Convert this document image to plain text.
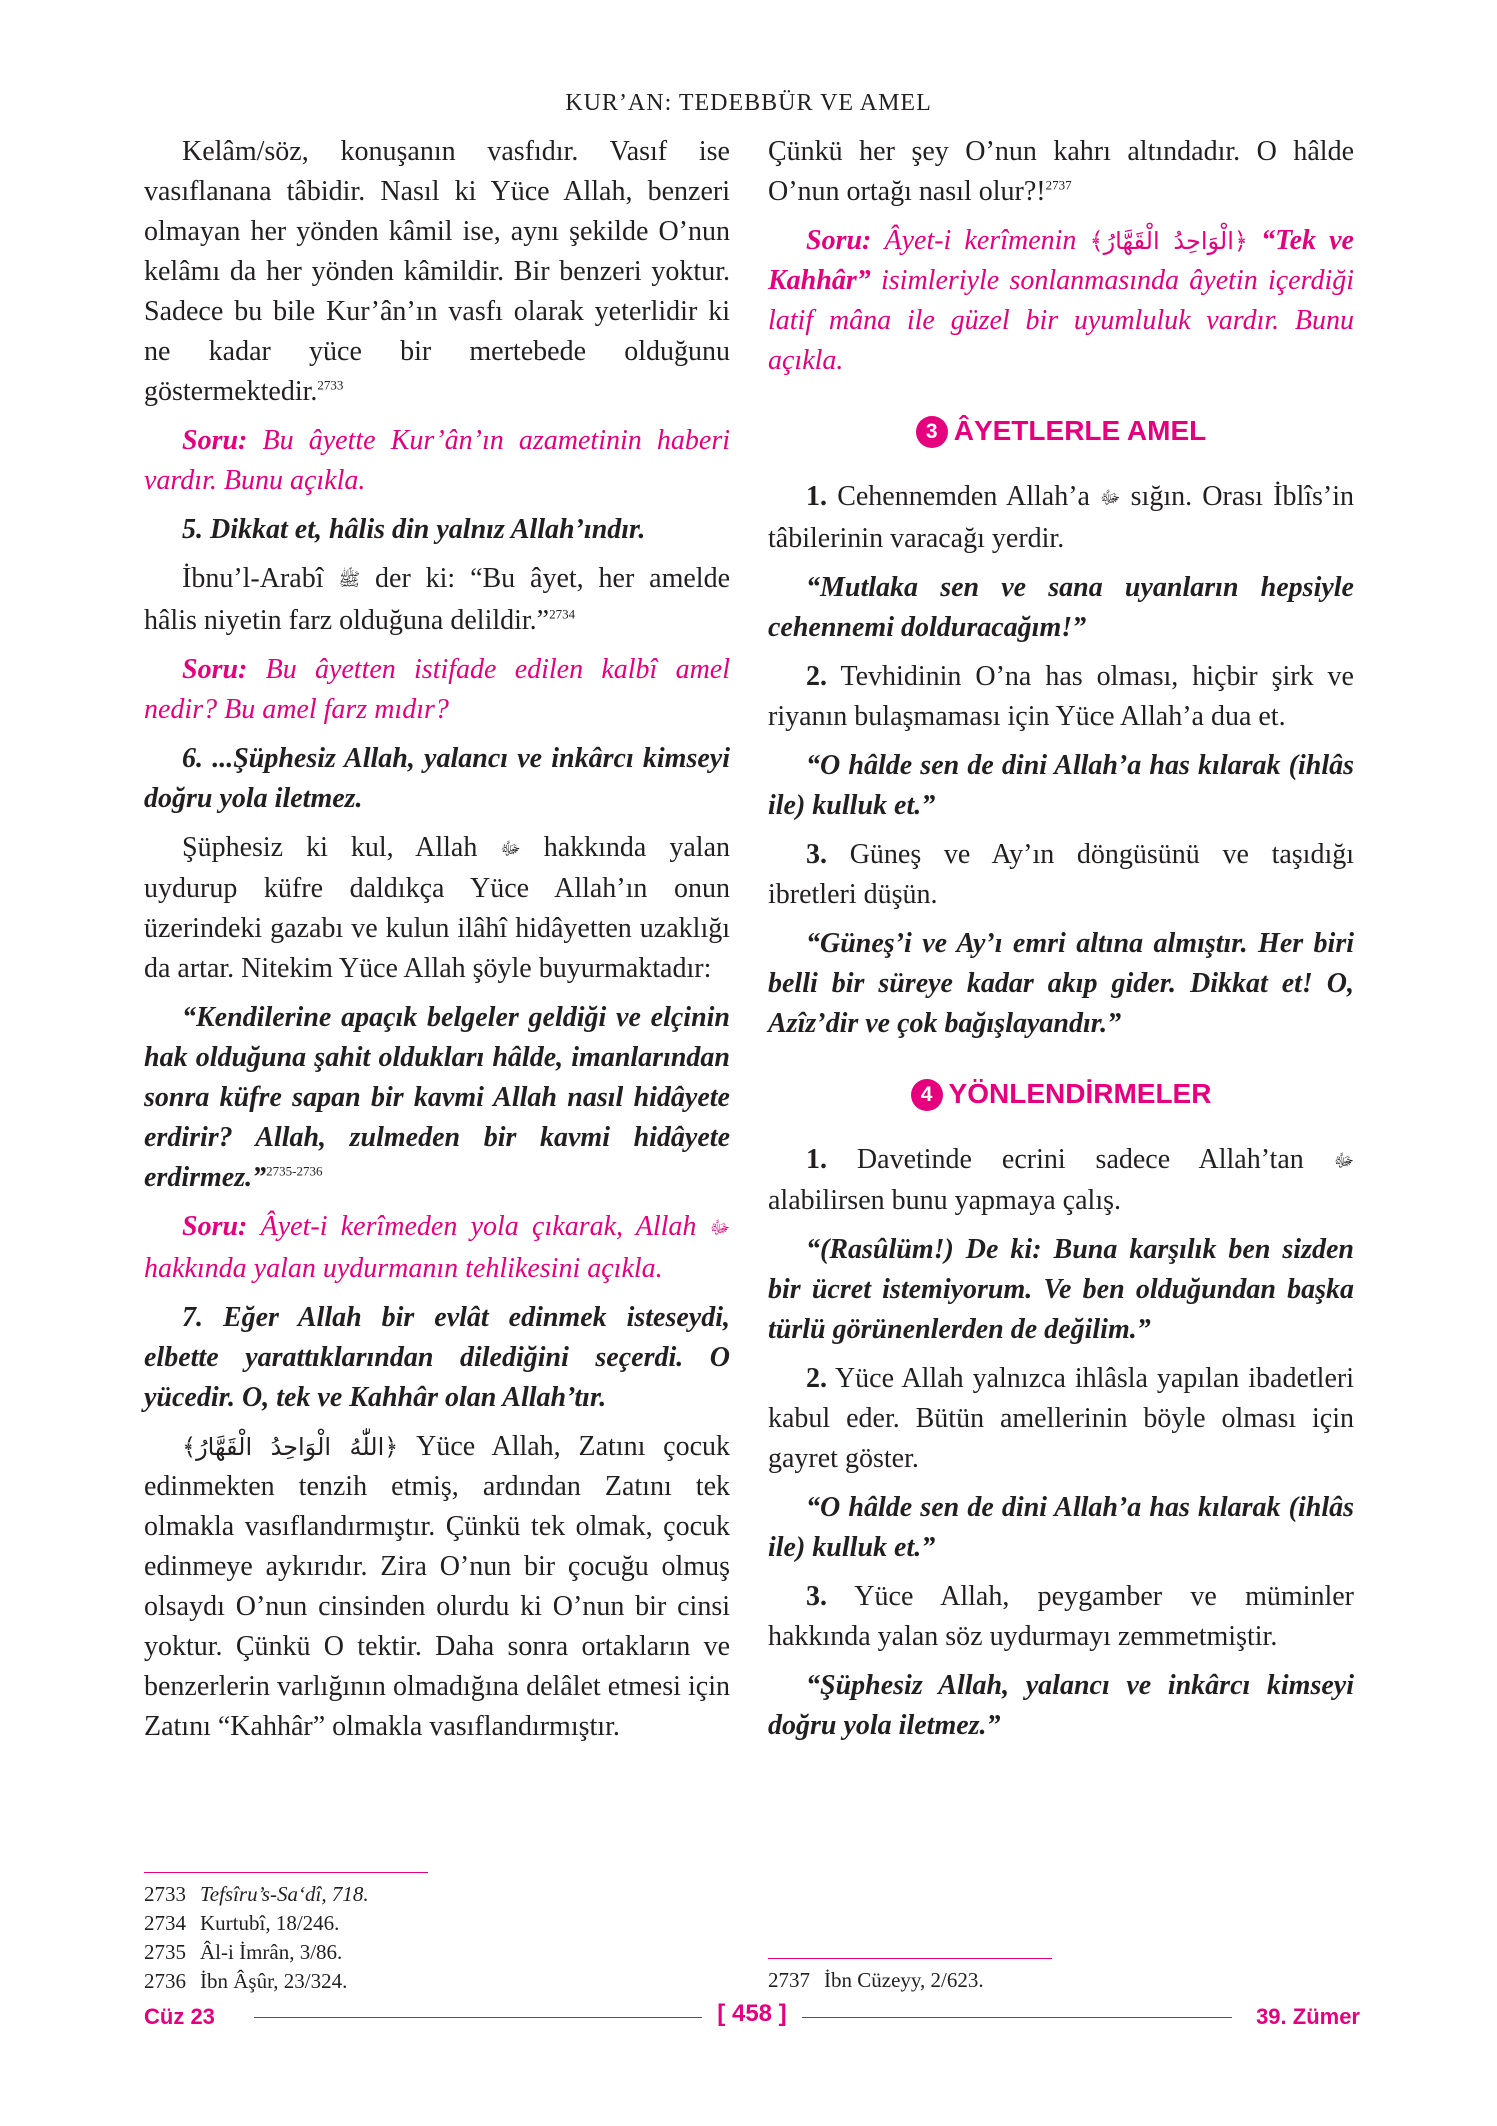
KUR’AN: TEDEBBÜR VE AMEL

Kelâm/söz, konuşanın vasfıdır. Vasıf ise vasıflanana tâbidir. Nasıl ki Yüce Allah, benzeri olmayan her yönden kâmil ise, aynı şekilde O’nun kelâmı da her yönden kâmildir. Bir benzeri yoktur. Sadece bu bile Kur’ân’ın vasfı olarak yeterlidir ki ne kadar yüce bir mertebede olduğunu göstermektedir.$^{2733}$

Soru: Bu âyette Kur’ân’ın azametinin haberi vardır. Bunu açıkla.

5. Dikkat et, hâlis din yalnız Allah’ındır.

İbnu’l-Arabî ﷺ der ki: “Bu âyet, her amelde hâlis niyetin farz olduğuna delildir.”$^{2734}$

Soru: Bu âyetten istifade edilen kalbî amel nedir? Bu amel farz mıdır?

6. ...Şüphesiz Allah, yalancı ve inkârcı kimseyi doğru yola iletmez.

Şüphesiz ki kul, Allah ﷻ hakkında yalan uydurup küfre daldıkça Yüce Allah’ın onun üzerindeki gazabı ve kulun ilâhî hidâyetten uzaklığı da artar. Nitekim Yüce Allah şöyle buyurmaktadır:

“Kendilerine apaçık belgeler geldiği ve elçinin hak olduğuna şahit oldukları hâlde, imanlarından sonra küfre sapan bir kavmi Allah nasıl hidâyete erdirir? Allah, zulmeden bir kavmi hidâyete erdirmez.”$^{2735-2736}$

Soru: Âyet-i kerîmeden yola çıkarak, Allah ﷻ hakkında yalan uydurmanın tehlikesini açıkla.

7. Eğer Allah bir evlât edinmek isteseydi, elbette yarattıklarından dilediğini seçerdi. O yücedir. O, tek ve Kahhâr olan Allah’tır.

﴿اللّٰهُ الْوَاحِدُ الْقَهَّارُ﴾ Yüce Allah, Zatını çocuk edinmekten tenzih etmiş, ardından Zatını tek olmakla vasıflandırmıştır. Çünkü tek olmak, çocuk edinmeye aykırıdır. Zira O’nun bir çocuğu olmuş olsaydı O’nun cinsinden olurdu ki O’nun bir cinsi yoktur. Çünkü O tektir. Daha sonra ortakların ve benzerlerin varlığının olmadığına delâlet etmesi için Zatını “Kahhâr” olmakla vasıflandırmıştır.

Çünkü her şey O’nun kahrı altındadır. O hâlde O’nun ortağı nasıl olur?!$^{2737}$

Soru: Âyet-i kerîmenin ﴿الْوَاحِدُ الْقَهَّارُ﴾ “Tek ve Kahhâr” isimleriyle sonlanmasında âyetin içerdiği latif mâna ile güzel bir uyumluluk vardır. Bunu açıkla.

3 ÂYETLERLE AMEL

1. Cehennemden Allah’a ﷻ sığın. Orası İblîs’in tâbilerinin varacağı yerdir.

“Mutlaka sen ve sana uyanların hepsiyle cehennemi dolduracağım!”

2. Tevhidinin O’na has olması, hiçbir şirk ve riyanın bulaşmaması için Yüce Allah’a dua et.

“O hâlde sen de dini Allah’a has kılarak (ihlâs ile) kulluk et.”

3. Güneş ve Ay’ın döngüsünü ve taşıdığı ibretleri düşün.

“Güneş’i ve Ay’ı emri altına almıştır. Her biri belli bir süreye kadar akıp gider. Dikkat et! O, Azîz’dir ve çok bağışlayandır.”

4 YÖNLENDİRMELER

1. Davetinde ecrini sadece Allah’tan ﷻ alabilirsen bunu yapmaya çalış.

“(Rasûlüm!) De ki: Buna karşılık ben sizden bir ücret istemiyorum. Ve ben olduğundan başka türlü görünenlerden de değilim.”

2. Yüce Allah yalnızca ihlâsla yapılan ibadetleri kabul eder. Bütün amellerinin böyle olması için gayret göster.

“O hâlde sen de dini Allah’a has kılarak (ihlâs ile) kulluk et.”

3. Yüce Allah, peygamber ve müminler hakkında yalan söz uydurmayı zemmetmiştir.

“Şüphesiz Allah, yalancı ve inkârcı kimseyi doğru yola iletmez.”

2733 Tefsîru’s-Sa‘dî, 718.
2734 Kurtubî, 18/246.
2735 Âl-i İmrân, 3/86.
2736 İbn Âşûr, 23/324.	2737 İbn Cüzeyy, 2/623.
Cüz 23	[ 458 ]	39. Zümer
